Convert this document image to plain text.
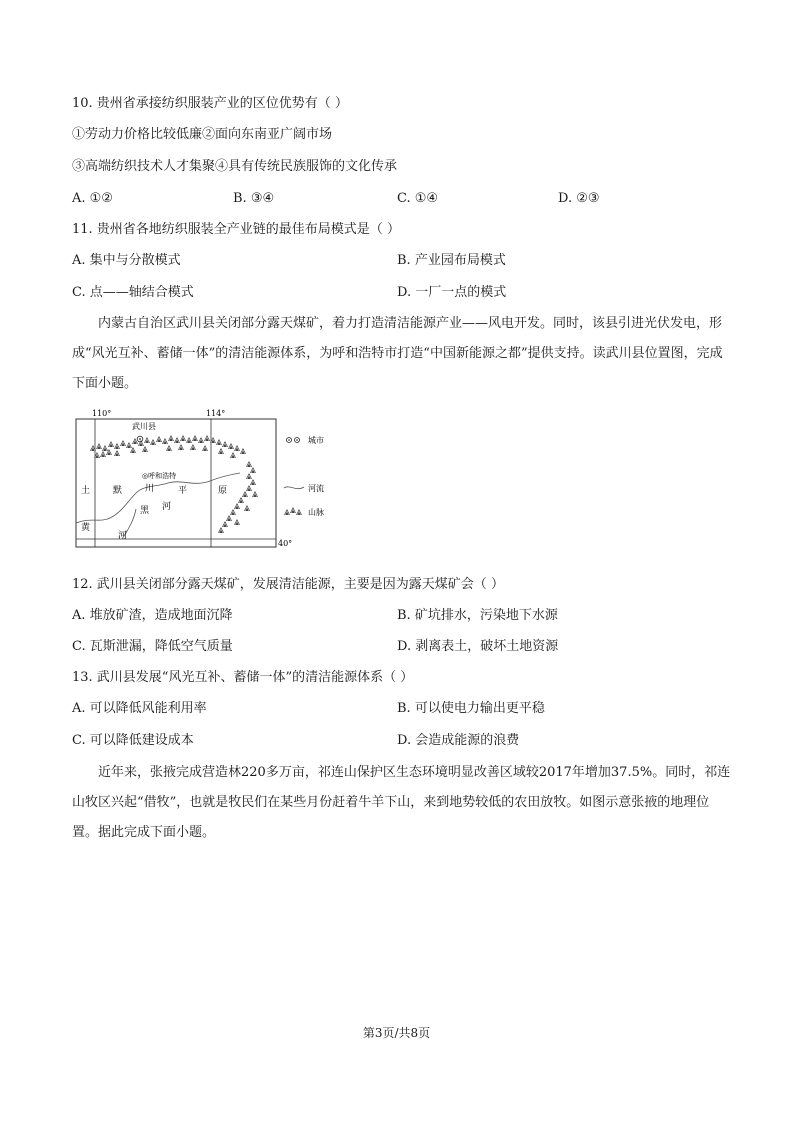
10. 贵州省承接纺织服装产业的区位优势有（ ）
①劳动力价格比较低廉②面向东南亚广阔市场
③高端纺织技术人才集聚④具有传统民族服饰的文化传承
A. ①②	B. ③④	C. ①④	D. ②③
11. 贵州省各地纺织服装全产业链的最佳布局模式是（ ）
A. 集中与分散模式	B. 产业园布局模式
C. 点——轴结合模式	D. 一厂一点的模式
内蒙古自治区武川县关闭部分露天煤矿，着力打造清洁能源产业——风电开发。同时，该县引进光伏发电，形成“风光互补、蓄储一体”的清洁能源体系，为呼和浩特市打造“中国新能源之都”提供支持。读武川县位置图，完成下面小题。
110°	114°
40°
武川县
◎呼和浩特
土	默	川	平	原
黑 河
黄
河
城市
河流
山脉
12. 武川县关闭部分露天煤矿，发展清洁能源，主要是因为露天煤矿会（ ）
A. 堆放矿渣，造成地面沉降	B. 矿坑排水，污染地下水源
C. 瓦斯泄漏，降低空气质量	D. 剥离表土，破坏土地资源
13. 武川县发展“风光互补、蓄储一体”的清洁能源体系（ ）
A. 可以降低风能利用率	B. 可以使电力输出更平稳
C. 可以降低建设成本	D. 会造成能源的浪费
近年来，张掖完成营造林220多万亩，祁连山保护区生态环境明显改善区域较2017年增加37.5%。同时，祁连山牧区兴起“借牧”，也就是牧民们在某些月份赶着牛羊下山，来到地势较低的农田放牧。如图示意张掖的地理位置。据此完成下面小题。
第3页/共8页
